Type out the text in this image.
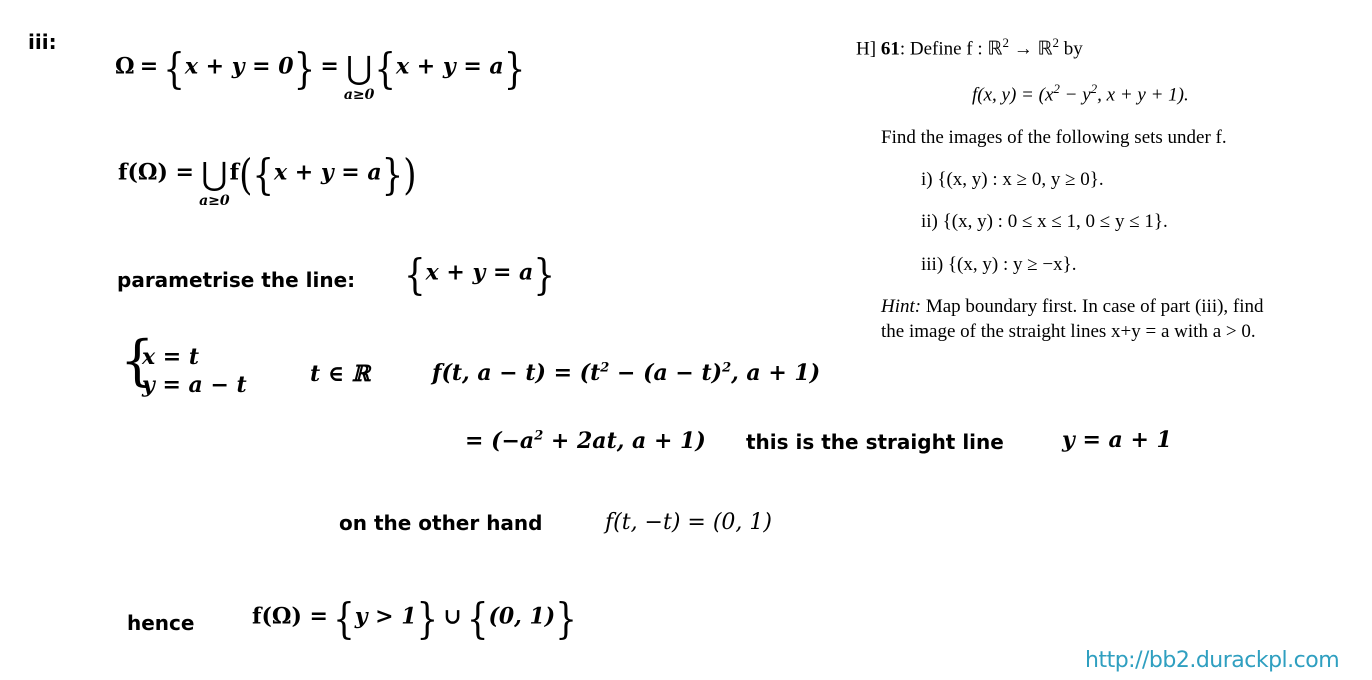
iii:
Ω = {x + y = 0} = ⋃
a≥0{x + y = a}
f(Ω) = ⋃
a≥0f({x + y = a})
parametrise the line: {x + y = a}
{
x = t
y = a − t	t ∈ ℝ	f(t, $a - t) = (t^2 - (a - t)^2$, a + 1)
= ($-a^2 + 2at$, a + 1) this is the straight line	y = a + 1
on the other hand	f(t, −t) = (0, 1)
hence	f(Ω) = {y > 1} ∪ {(0, 1)}
H] 61: Define f : ℝ$^2$ → ℝ$^2$ by
f(x, $y) = (x^2 - y^2$, x + y + 1).
Find the images of the following sets under f.
i) {(x, y) : x ≥ 0, y ≥ 0}.
ii) {(x, y) : 0 ≤ x ≤ 1, 0 ≤ y ≤ 1}.
iii) {(x, y) : y ≥ −x}.
Hint: Map boundary first. In case of part (iii), find
the image of the straight lines x+y = a with a > 0.
http://bb2.durackpl.com
